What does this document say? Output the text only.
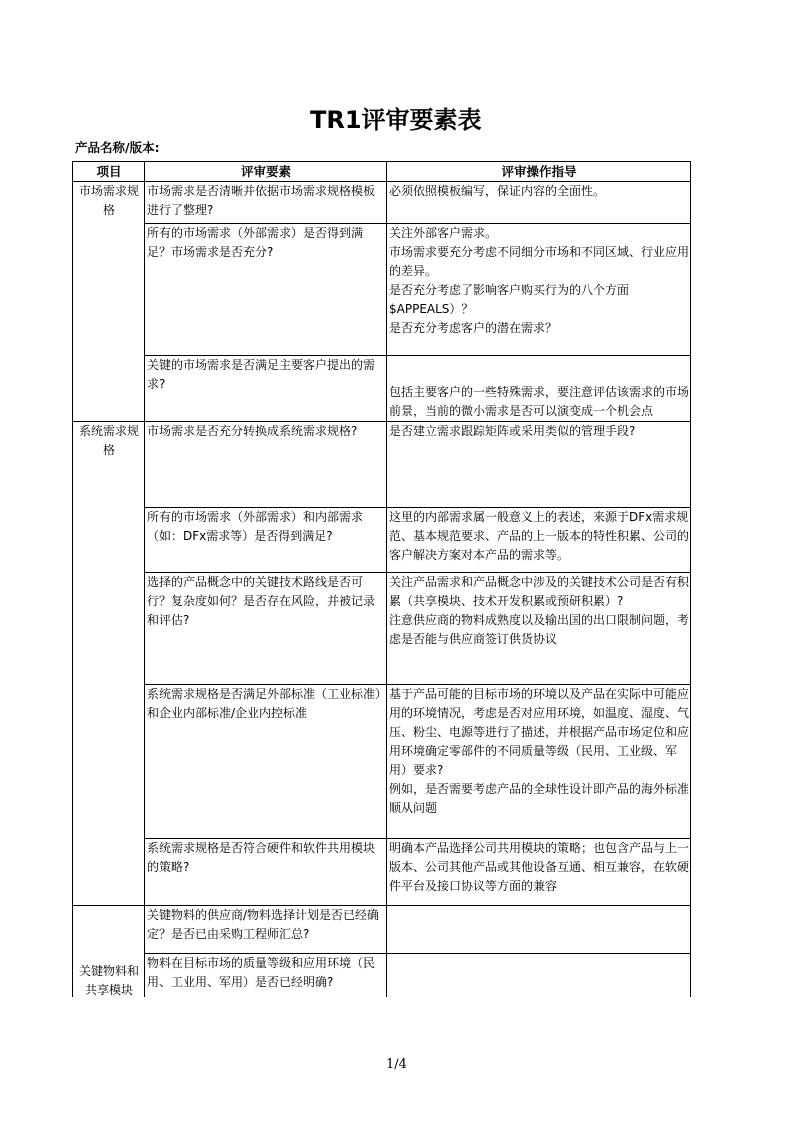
TR1评审要素表
产品名称/版本:
项目	评审要素	评审操作指导
市场需求规格	市场需求是否清晰并依据市场需求规格模板进行了整理?	必须依照模板编写，保证内容的全面性。

	所有的市场需求（外部需求）是否得到满足？市场需求是否充分?	关注外部客户需求。
市场需求要充分考虑不同细分市场和不同区域、行业应用的差异。
是否充分考虑了影响客户购买行为的八个方面$APPEALS）？
是否充分考虑客户的潜在需求？

	关键的市场需求是否满足主要客户提出的需求?	包括主要客户的一些特殊需求，要注意评估该需求的市场前景，当前的微小需求是否可以演变成一个机会点

系统需求规格	市场需求是否充分转换成系统需求规格?	是否建立需求跟踪矩阵或采用类似的管理手段?

	所有的市场需求（外部需求）和内部需求（如：DFx需求等）是否得到满足?	这里的内部需求属一般意义上的表述，来源于DFx需求规范、基本规范要求、产品的上一版本的特性积累、公司的客户解决方案对本产品的需求等。

	选择的产品概念中的关键技术路线是否可行？复杂度如何？是否存在风险，并被记录和评估?	关注产品需求和产品概念中涉及的关键技术公司是否有积累（共享模块、技术开发积累或预研积累）?
注意供应商的物料成熟度以及输出国的出口限制问题，考虑是否能与供应商签订供货协议

	系统需求规格是否满足外部标准（工业标准）和企业内部标准/企业内控标准	基于产品可能的目标市场的环境以及产品在实际中可能应用的环境情况，考虑是否对应用环境，如温度、湿度、气压、粉尘、电源等进行了描述，并根据产品市场定位和应用环境确定零部件的不同质量等级（民用、工业级、军用）要求?
例如，是否需要考虑产品的全球性设计即产品的海外标准顺从问题

	系统需求规格是否符合硬件和软件共用模块的策略?	明确本产品选择公司共用模块的策略；也包含产品与上一版本、公司其他产品或其他设备互通、相互兼容，在软硬件平台及接口协议等方面的兼容

关键物料和共享模块	关键物料的供应商/物料选择计划是否已经确定？是否已由采购工程师汇总?	
	物料在目标市场的质量等级和应用环境（民用、工业用、军用）是否已经明确?	
1/4
